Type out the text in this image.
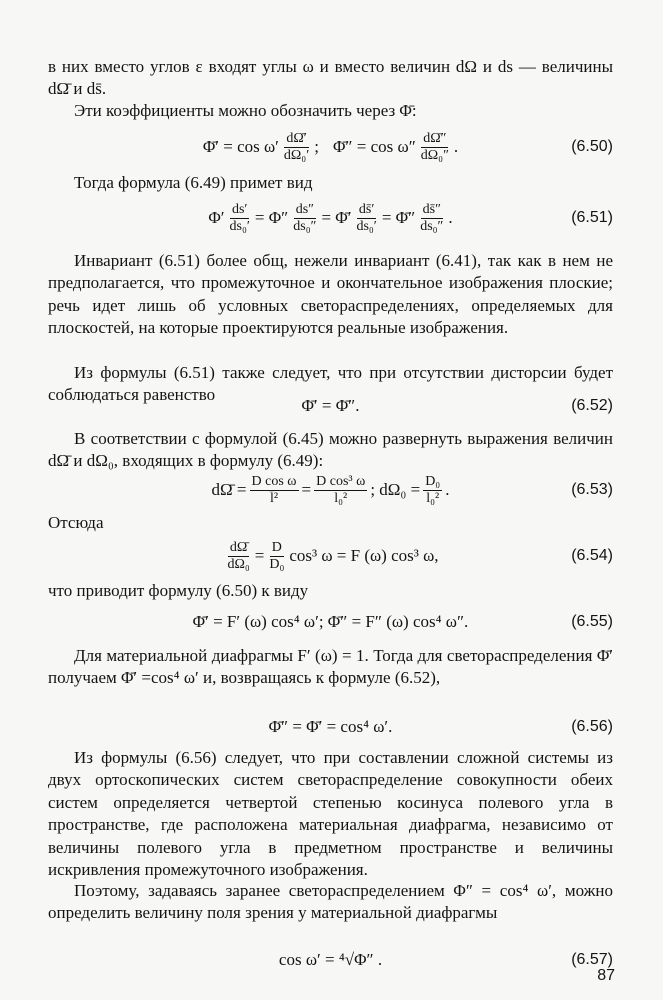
в них вместо углов ε входят углы ω и вместо величин dΩ и ds — величины dΩ̄ и ds̄.

Эти коэффициенты можно обозначить через Φ̄:

Φ̄′ = $\cos \omega' \frac{d\Omegā'}{\text{dΩ₀′}}$ ; Φ̄″ = $\cos \omega'' \frac{d\Omegā''}{\text{dΩ₀″}}$ .	(6.50)

Тогда формула (6.49) примет вид

$\Phi' \frac{ds'}{\text{ds₀′}} = \Phi'' \frac{ds''}{\text{ds₀″}}$ = Φ̄′ $\frac{ds̄'}{\text{ds₀′}}$ = Φ̄″ $\frac{ds̄''}{\text{ds₀″}}$ .	(6.51)

Инвариант (6.51) более общ, нежели инвариант (6.41), так как в нем не предполагается, что промежуточное и окончательное изображения плоские; речь идет лишь об условных светораспределениях, определяемых для плоскостей, на которые проектируются реальные изображения.

Из формулы (6.51) также следует, что при отсутствии дисторсии будет соблюдаться равенство

Φ̄′ = Φ̄″.	(6.52)

В соответствии с формулой (6.45) можно развернуть выражения величин dΩ̄ и dΩ₀, входящих в формулу (6.49):

dΩ̄ = $\frac{\text{D cos ω}}{\text{l̄²}} = \frac{\text{D cos³ ω}}{\text{l₀²}}$ ; $d\Omega_0 = \frac{\text{D₀}}{\text{l₀²}}$ .	(6.53)

Отсюда

$\frac{d\Omegā}{\text{dΩ₀}} = \frac{D}{\text{D₀}} \cos^3$ ω = F (ω) cos³ ω,	(6.54)

что приводит формулу (6.50) к виду

Φ̄′ = F′ (ω) cos⁴ ω′; Φ̄″ = F″ (ω) cos⁴ ω″.	(6.55)

Для материальной диафрагмы F′ (ω) = 1. Тогда для светораспределения Φ̄′ получаем Φ̄′ =cos⁴ ω′ и, возвращаясь к формуле (6.52),

Φ̄″ = Φ̄′ = cos⁴ ω′.	(6.56)

Из формулы (6.56) следует, что при составлении сложной системы из двух ортоскопических систем светораспределение совокупности обеих систем определяется четвертой степенью косинуса полевого угла в пространстве, где расположена материальная диафрагма, независимо от величины полевого угла в предметном пространстве и величины искривления промежуточного изображения.

Поэтому, задаваясь заранее светораспределением Φ″ = cos⁴ ω′, можно определить величину поля зрения у материальной диафрагмы

cos ω′ = ⁴√Φ″ .	(6.57)
87
